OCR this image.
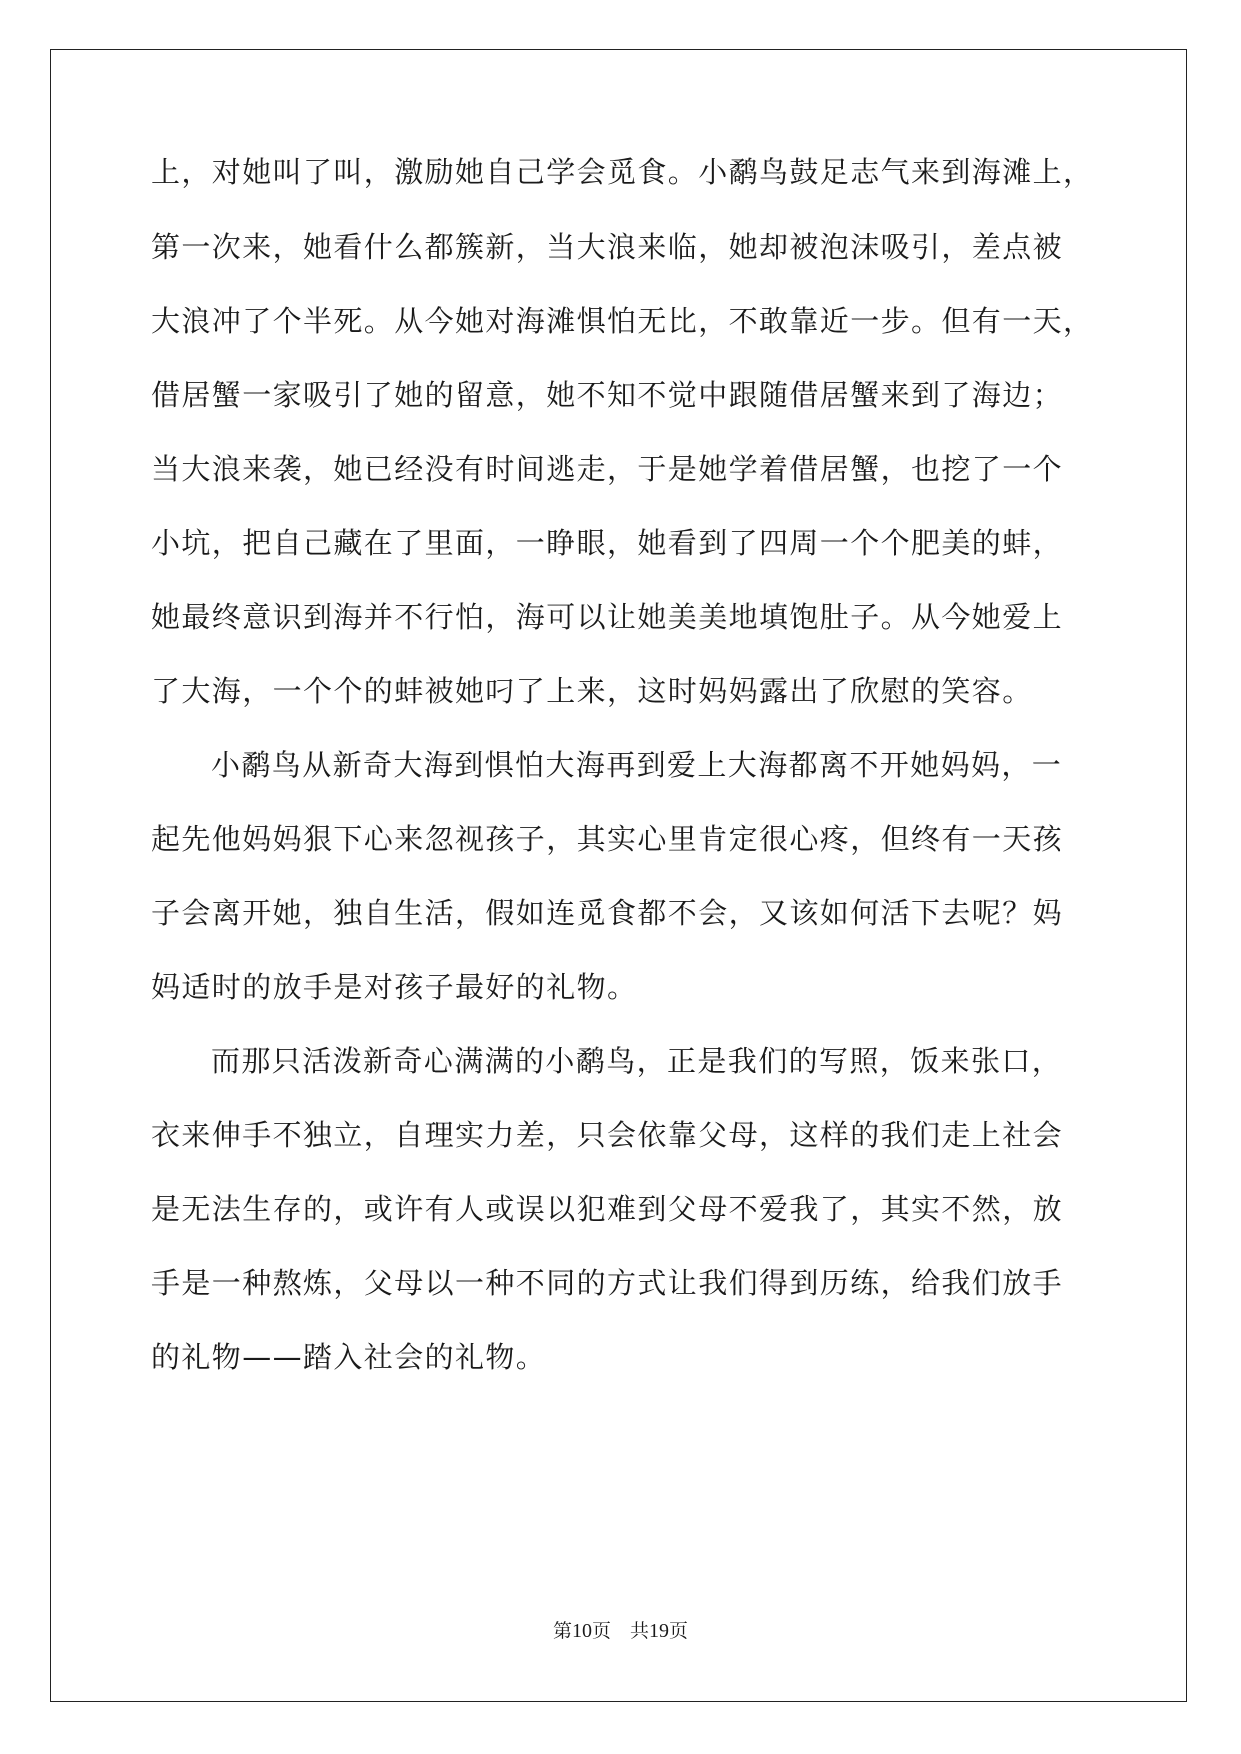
上，对她叫了叫，激励她自己学会觅食。小鹬鸟鼓足志气来到海滩上，
第一次来，她看什么都簇新，当大浪来临，她却被泡沫吸引，差点被
大浪冲了个半死。从今她对海滩惧怕无比，不敢靠近一步。但有一天，
借居蟹一家吸引了她的留意，她不知不觉中跟随借居蟹来到了海边；
当大浪来袭，她已经没有时间逃走，于是她学着借居蟹，也挖了一个
小坑，把自己藏在了里面，一睁眼，她看到了四周一个个肥美的蚌，
她最终意识到海并不行怕，海可以让她美美地填饱肚子。从今她爱上
了大海，一个个的蚌被她叼了上来，这时妈妈露出了欣慰的笑容。
小鹬鸟从新奇大海到惧怕大海再到爱上大海都离不开她妈妈，一
起先他妈妈狠下心来忽视孩子，其实心里肯定很心疼，但终有一天孩
子会离开她，独自生活，假如连觅食都不会，又该如何活下去呢？妈
妈适时的放手是对孩子最好的礼物。
而那只活泼新奇心满满的小鹬鸟，正是我们的写照，饭来张口，
衣来伸手不独立，自理实力差，只会依靠父母，这样的我们走上社会
是无法生存的，或许有人或误以犯难到父母不爱我了，其实不然，放
手是一种熬炼，父母以一种不同的方式让我们得到历练，给我们放手
的礼物——踏入社会的礼物。
第10页　共19页
